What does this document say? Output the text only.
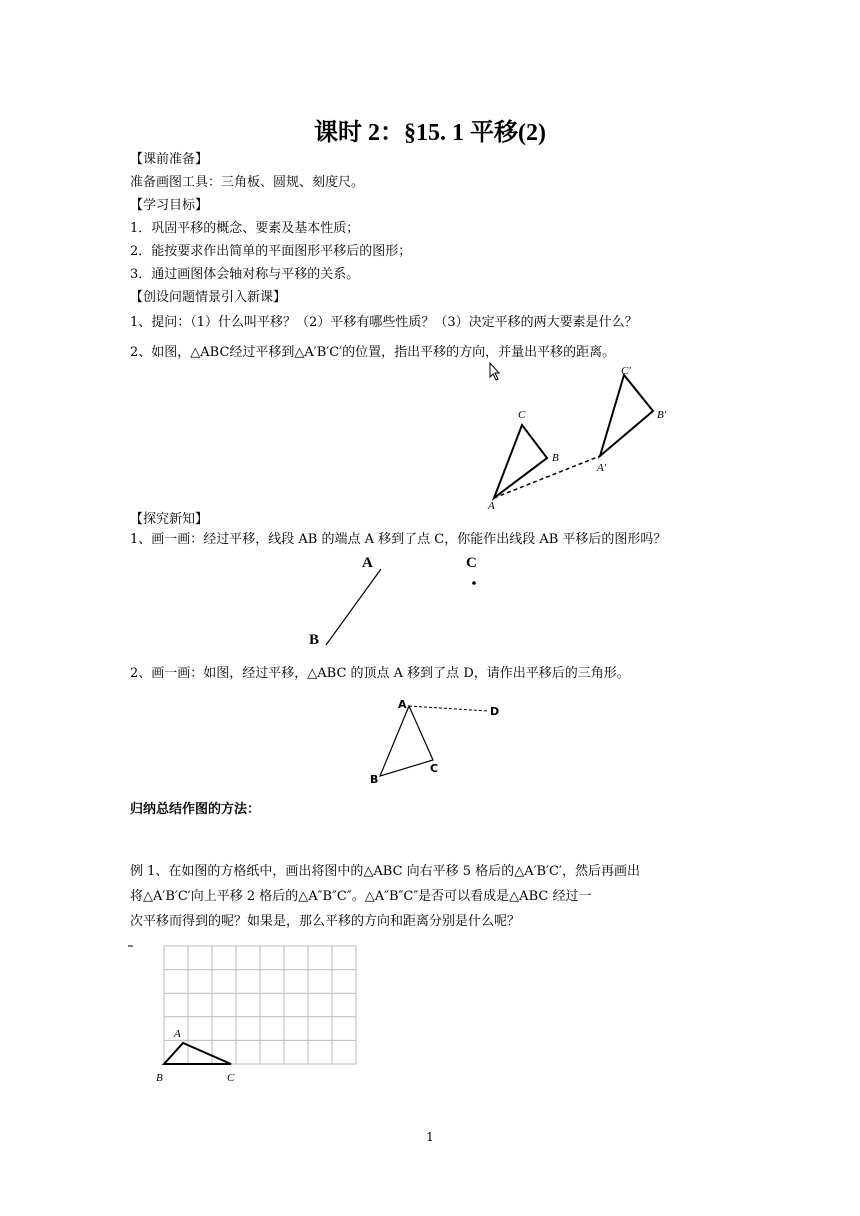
课时 2：§15. 1 平移(2)
【课前准备】
准备画图工具：三角板、圆规、刻度尺。
【学习目标】
1．巩固平移的概念、要素及基本性质；
2．能按要求作出简单的平面图形平移后的图形；
3．通过画图体会轴对称与平移的关系。
【创设问题情景引入新课】
1、提问：（1）什么叫平移？（2）平移有哪些性质？（3）决定平移的两大要素是什么？
2、如图，△ABC经过平移到△A′B′C′的位置，指出平移的方向，并量出平移的距离。
C
B
A
C'
B'
A'
【探究新知】
1、画一画：经过平移，线段 AB 的端点 A 移到了点 C，你能作出线段 AB 平移后的图形吗？
A
B
C
2、画一画：如图，经过平移，△ABC 的顶点 A 移到了点 D，请作出平移后的三角形。
A
B
C
D
归纳总结作图的方法：
例 1、在如图的方格纸中，画出将图中的△ABC 向右平移 5 格后的△A′B′C′，然后再画出
将△A′B′C′向上平移 2 格后的△A″B″C″。△A″B″C″是否可以看成是△ABC 经过一
次平移而得到的呢？如果是，那么平移的方向和距离分别是什么呢？
A
B	C
1
